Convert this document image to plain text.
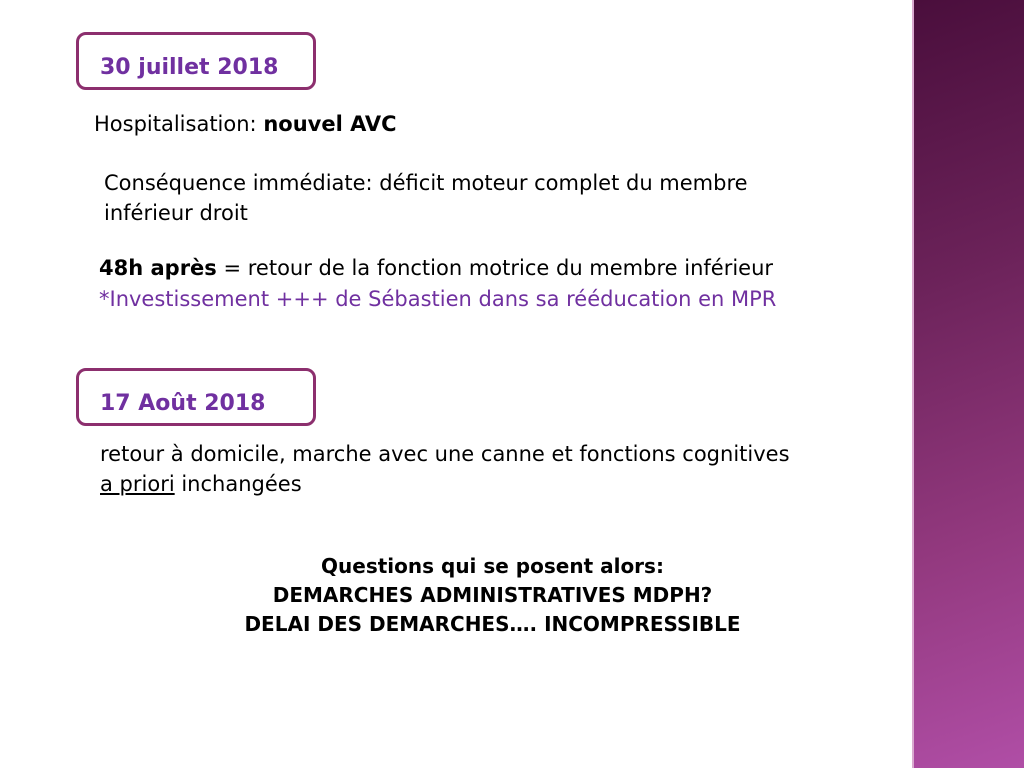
30 juillet 2018
Hospitalisation: nouvel AVC
Conséquence immédiate: déficit moteur complet du membre
inférieur droit
48h après = retour de la fonction motrice du membre inférieur
*Investissement +++ de Sébastien dans sa rééducation en MPR
17 Août 2018
retour à domicile, marche avec une canne et fonctions cognitives
a priori inchangées
Questions qui se posent alors:
DEMARCHES ADMINISTRATIVES MDPH?
DELAI DES DEMARCHES…. INCOMPRESSIBLE
